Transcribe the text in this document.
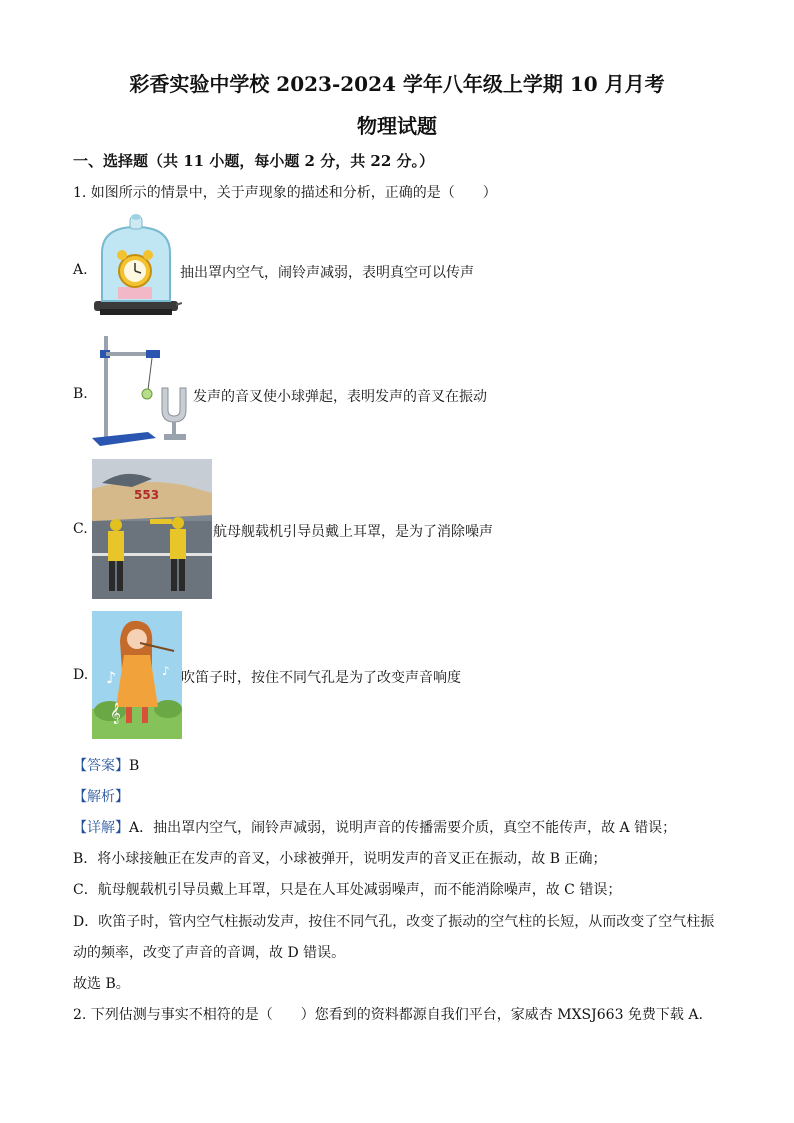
彩香实验中学校 2023-2024 学年八年级上学期 10 月月考
物理试题
一、选择题（共 11 小题，每小题 2 分，共 22 分。）
1. 如图所示的情景中，关于声现象的描述和分析，正确的是（　　）
A.	抽出罩内空气，闹铃声减弱，表明真空可以传声
B.	发声的音叉使小球弹起，表明发声的音叉在振动
C.
553
航母舰载机引导员戴上耳罩，是为了消除噪声
D. ♪
𝄞
♪ 吹笛子时，按住不同气孔是为了改变声音响度
【答案】B
【解析】
【详解】A．抽出罩内空气，闹铃声减弱，说明声音的传播需要介质，真空不能传声，故 A 错误；
B．将小球接触正在发声的音叉，小球被弹开，说明发声的音叉正在振动，故 B 正确；
C．航母舰载机引导员戴上耳罩，只是在人耳处减弱噪声，而不能消除噪声，故 C 错误；
D．吹笛子时，管内空气柱振动发声，按住不同气孔，改变了振动的空气柱的长短，从而改变了空气柱振
动的频率，改变了声音的音调，故 D 错误。
故选 B。
2. 下列估测与事实不相符的是（　　）您看到的资料都源自我们平台，家威杏 MXSJ663 免费下载 A.
